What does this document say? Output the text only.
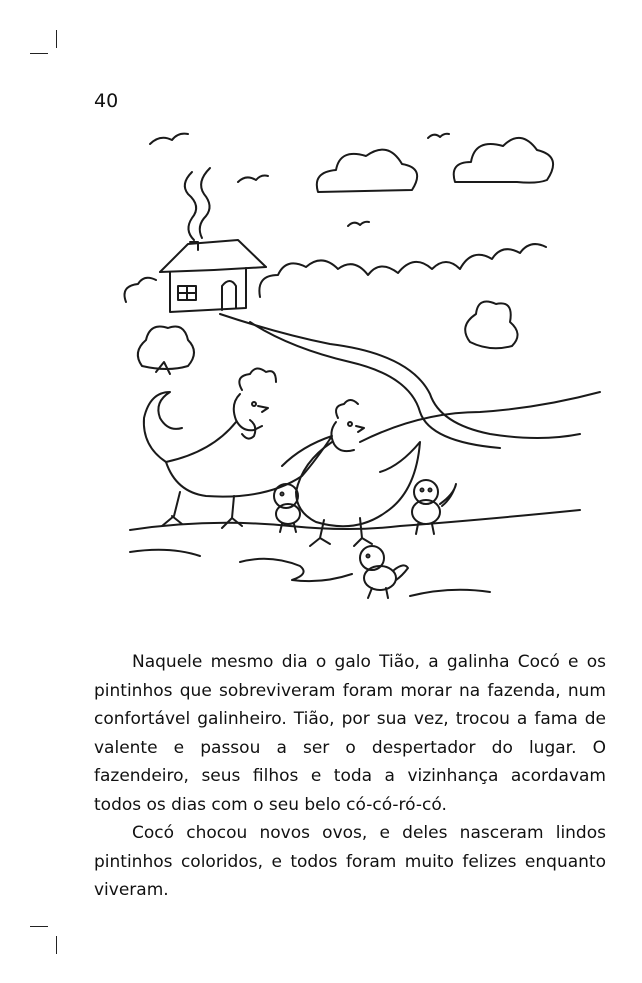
40

Naquele mesmo dia o galo Tião, a galinha Cocó e os pintinhos que sobreviveram foram morar na fazenda, num confortável galinheiro. Tião, por sua vez, trocou a fama de valente e passou a ser o despertador do lugar. O fazendeiro, seus filhos e toda a vizinhança acordavam todos os dias com o seu belo có-có-ró-có.

Cocó chocou novos ovos, e deles nasceram lindos pintinhos coloridos, e todos foram muito felizes enquanto viveram.
